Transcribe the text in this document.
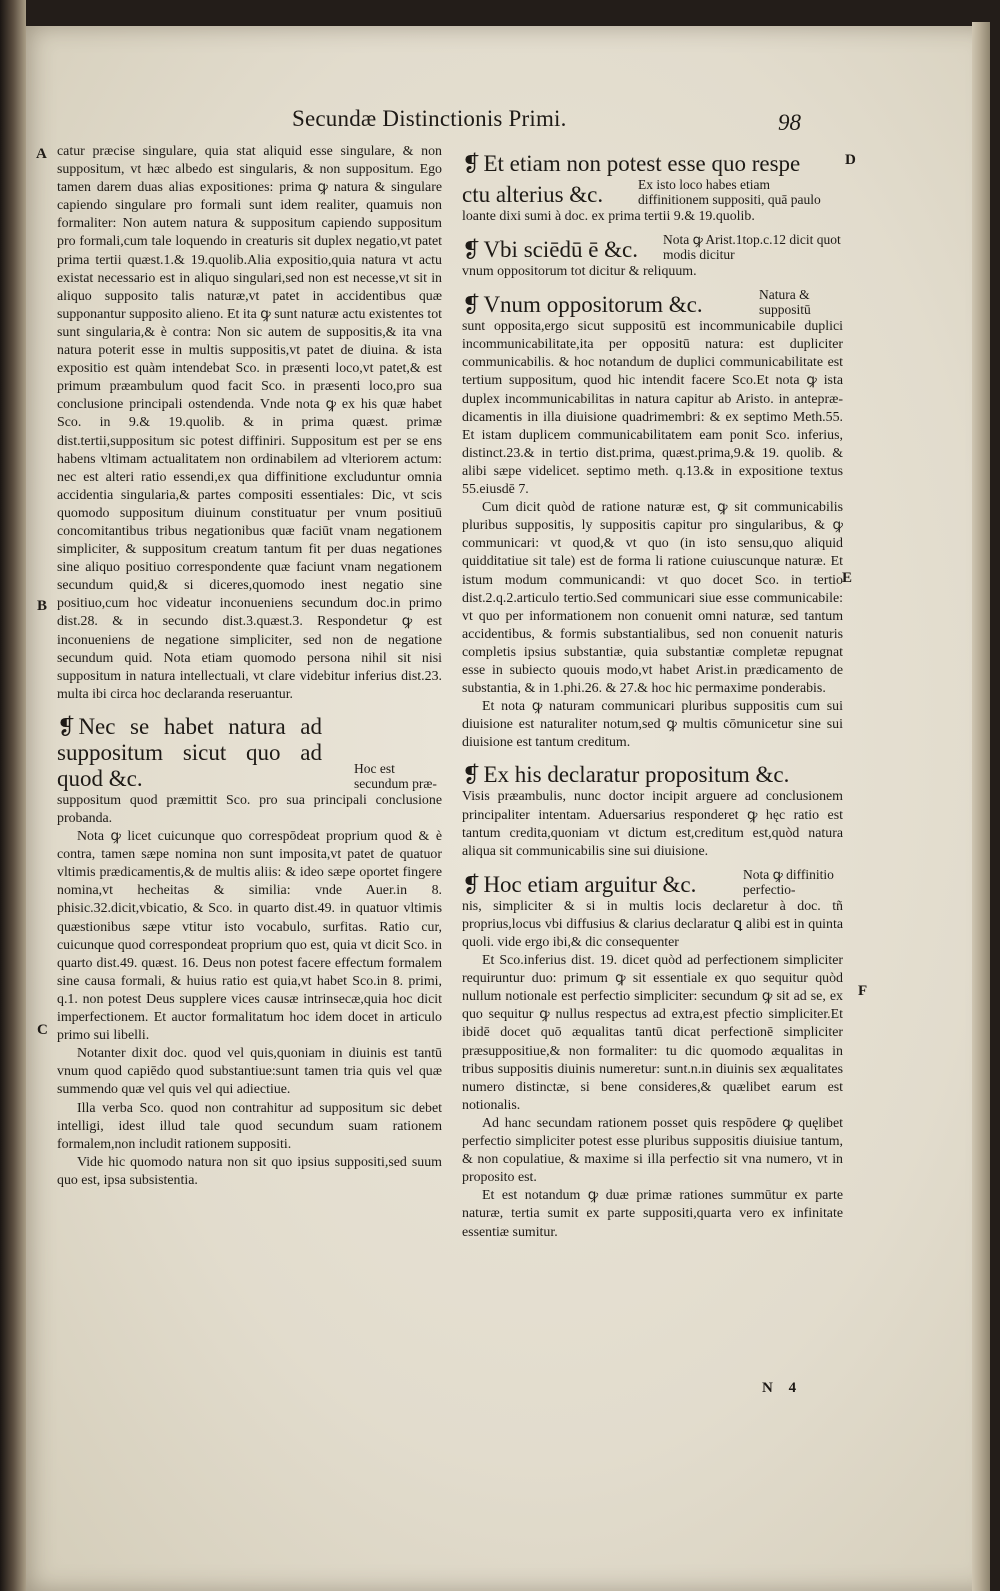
Secundæ Distinctionis Primi.	98
A
B
C
D
E
F

catur præcise singulare, quia stat aliquid esse singulare, & non suppositum, vt hæc albedo est singularis, & non suppositum. Ego tamen darem duas alias expositiones: prima ꝙ natura & singulare capiendo singulare pro formali sunt idem realiter, quamuis non formaliter: Non autem natura & suppositum capiendo suppositum pro formali,cum tale loquendo in creaturis sit duplex negatio,vt patet prima tertii quæst.1.& 19.quolib.Alia expositio,quia natura vt actu existat necessario est in aliquo singulari,sed non est necesse,vt sit in aliquo supposito talis naturæ,vt patet in accidentibus quæ supponantur supposito alieno. Et ita ꝙ sunt naturæ actu existentes tot sunt singularia,& è contra: Non sic autem de suppositis,& ita vna natura poterit esse in multis suppositis,vt patet de diuina. & ista expositio est quàm intendebat Sco. in præsenti loco,vt patet,& est primum præambulum quod facit Sco. in præsenti loco,pro sua conclusione principali ostendenda. Vnde nota ꝙ ex his quæ habet Sco. in 9.& 19.quolib. & in prima quæst. primæ dist.tertii,suppositum sic potest diffiniri. Suppositum est per se ens habens vltimam actualitatem non ordinabilem ad vlteriorem actum: nec est alteri ratio essendi,ex qua diffinitione excluduntur omnia accidentia singularia,& partes compositi essentiales: Dic, vt scis quomodo suppositum diuinum constituatur per vnum positiuū concomitantibus tribus negationibus quæ faciūt vnam negationem simpliciter, & suppositum creatum tantum fit per duas negationes sine aliquo positiuo correspondente quæ faciunt vnam negationem secundum quid,& si diceres,quomodo inest negatio sine positiuo,cum hoc videatur inconueniens secundum doc.in primo dist.28. & in secundo dist.3.quæst.3. Respondetur ꝙ est inconueniens de negatione simpliciter, sed non de negatione secundum quid. Nota etiam quomodo persona nihil sit nisi suppositum in natura intellectuali, vt clare videbitur inferius dist.23. multa ibi circa hoc declaranda reseruantur.

❡ Nec se habet natura ad suppositum sicut quo ad quod &c.	Hoc est secundum præ-

suppositum quod præmittit Sco. pro sua principali conclusione probanda.

Nota ꝙ licet cuicunque quo correspōdeat proprium quod & è contra, tamen sæpe nomina non sunt imposita,vt patet de quatuor vltimis prædicamentis,& de multis aliis: & ideo sæpe oportet fingere nomina,vt hecheitas & similia: vnde Auer.in 8. phisic.32.dicit,vbicatio, & Sco. in quarto dist.49. in quatuor vltimis quæstionibus sæpe vtitur isto vocabulo, surfitas. Ratio cur, cuicunque quod correspondeat proprium quo est, quia vt dicit Sco. in quarto dist.49. quæst. 16. Deus non potest facere effectum formalem sine causa formali, & huius ratio est quia,vt habet Sco.in 8. primi, q.1. non potest Deus supplere vices causæ intrinsecæ,quia hoc dicit imperfectionem. Et auctor formalitatum hoc idem docet in articulo primo sui libelli.

Notanter dixit doc. quod vel quis,quoniam in diuinis est tantū vnum quod capiēdo quod substantiue:sunt tamen tria quis vel quæ summendo quæ vel quis vel qui adiectiue.

Illa verba Sco. quod non contrahitur ad suppositum sic debet intelligi, idest illud tale quod secundum suam rationem formalem,non includit rationem suppositi.

Vide hic quomodo natura non sit quo ipsius suppositi,sed suum quo est, ipsa subsistentia.

❡ Et etiam non potest esse quo respe
ctu alterius &c.	Ex isto loco habes etiam diffinitionem suppositi, quā paulo

loante dixi sumi à doc. ex prima tertii 9.& 19.quolib.

❡ Vbi sciēdū ē &c. Nota ꝙ Arist.1top.c.12 dicit quot modis dicitur

vnum oppositorum tot dicitur & reliquum.

❡ Vnum oppositorum &c.	Natura & suppositū

sunt opposita,ergo sicut suppositū est incommunicabile duplici incommunicabilitate,ita per oppositū natura: est dupliciter communicabilis. & hoc notandum de duplici communicabilitate est tertium suppositum, quod hic intendit facere Sco.Et nota ꝙ ista duplex incommunicabilitas in natura capitur ab Aristo. in anteprædicamentis in illa diuisione quadrimembri: & ex septimo Meth.55. Et istam duplicem communicabilitatem eam ponit Sco. inferius, distinct.23.& in tertio dist.prima, quæst.prima,9.& 19. quolib. & alibi sæpe videlicet. septimo meth. q.13.& in expositione textus 55.eiusdē 7.

Cum dicit quòd de ratione naturæ est, ꝙ sit communicabilis pluribus suppositis, ly suppositis capitur pro singularibus, & ꝙ communicari: vt quod,& vt quo (in isto sensu,quo aliquid quidditatiue sit tale) est de forma li ratione cuiuscunque naturæ. Et istum modum communicandi: vt quo docet Sco. in tertio dist.2.q.2.articulo tertio.Sed communicari siue esse communicabile: vt quo per informationem non conuenit omni naturæ, sed tantum accidentibus, & formis substantialibus, sed non conuenit naturis completis ipsius substantiæ, quia substantiæ completæ repugnat esse in subiecto quouis modo,vt habet Arist.in prædicamento de substantia, & in 1.phi.26. & 27.& hoc hic permaxime ponderabis.

Et nota ꝙ naturam communicari pluribus suppositis cum sui diuisione est naturaliter notum,sed ꝙ multis cōmunicetur sine sui diuisione est tantum creditum.

❡ Ex his declaratur propositum &c.

Visis præambulis, nunc doctor incipit arguere ad conclusionem principaliter intentam. Aduersarius responderet ꝙ hęc ratio est tantum credita,quoniam vt dictum est,creditum est,quòd natura aliqua sit communicabilis sine sui diuisione.

❡ Hoc etiam arguitur &c.	Nota ꝙ diffinitio perfectio-

nis, simpliciter & si in multis locis declaretur à doc. tñ proprius,locus vbi diffusius & clarius declaratur ꝗ alibi est in quinta quoli. vide ergo ibi,& dic consequenter

Et Sco.inferius dist. 19. dicet quòd ad perfectionem simpliciter requiruntur duo: primum ꝙ sit essentiale ex quo sequitur quòd nullum notionale est perfectio simpliciter: secundum ꝙ sit ad se, ex quo sequitur ꝙ nullus respectus ad extra,est pfectio simpliciter.Et ibidē docet quō æqualitas tantū dicat perfectionē simpliciter præsuppositiue,& non formaliter: tu dic quomodo æqualitas in tribus suppositis diuinis numeretur: sunt.n.in diuinis sex æqualitates numero distinctæ, si bene consideres,& quælibet earum est notionalis.

Ad hanc secundam rationem posset quis respōdere ꝙ quęlibet perfectio simpliciter potest esse pluribus suppositis diuisiue tantum, & non copulatiue, & maxime si illa perfectio sit vna numero, vt in proposito est.

Et est notandum ꝙ duæ primæ rationes summūtur ex parte naturæ, tertia sumit ex parte suppositi,quarta vero ex infinitate essentiæ sumitur.

N 4
